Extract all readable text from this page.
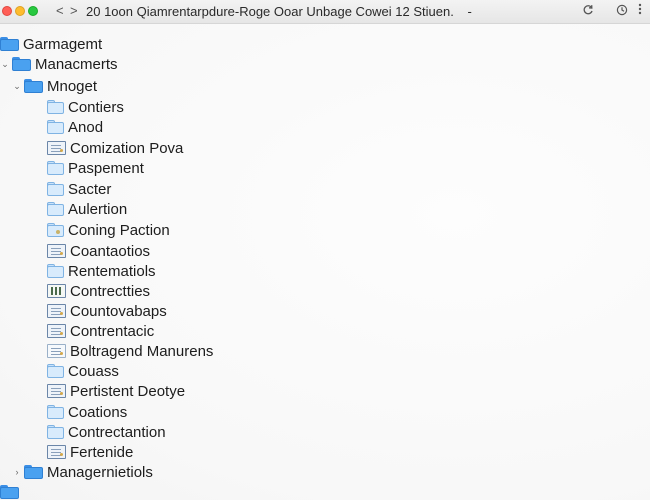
< > 20 1oon Qiamrentarpdure-Roge Ooar Unbage Cowei 12 Stiuen. -
Garmagemt
⌄ Manacmerts
⌄ Mnoget
Contiers
Anod
Comization Pova
Paspement
Sacter
Aulertion
Coning Paction
Coantaotios
Rentematiols
Contrectties
Countovabaps
Contrentacic
Boltragend Manurens
Couass
Pertistent Deotye
Coations
Contrectantion
Fertenide
› Managernietiols
